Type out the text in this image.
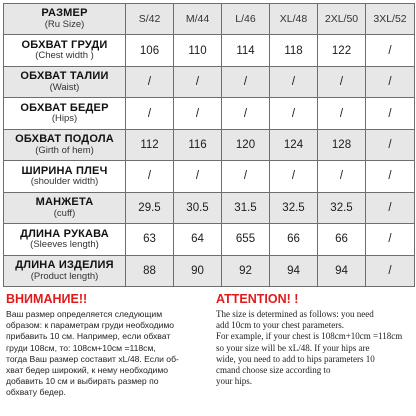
РАЗМЕР
(Ru Size)	S/42	M/44	L/46	XL/48	2XL/50	3XL/52

ОБХВАТ ГРУДИ
(Chest width )	106	110	114	118	122	/

ОБХВАТ ТАЛИИ
(Waist)	/	/	/	/	/	/

ОБХВАТ БЕДЕР
(Hips)	/	/	/	/	/	/

ОБХВАТ ПОДОЛА
(Girth of hem)	112	116	120	124	128	/

ШИРИНА ПЛЕЧ
(shoulder width)	/	/	/	/	/	/

МАНЖЕТА
(cuff)	29.5	30.5	31.5	32.5	32.5	/

ДЛИНА РУКАВА
(Sleeves length)	63	64	655	66	66	/

ДЛИНА ИЗДЕЛИЯ
(Product length)	88	90	92	94	94	/
ВНИМАНИЕ!!
Ваш размер определяется следующим
образом: к параметрам груди необходимо
прибавить 10 см. Например, если обхват
груди 108см, то: 108см+10см =118см,
тогда Ваш размер составит xL/48. Если об-
хват бедер широкий, к нему необходимо
добавить 10 см и выбирать размер по
обхвату бедер.
ATTENTION! !
The size is determined as follows: you need
add 10cm to your chest parameters.
For example, if your chest is 108cm+10cm =118cm
so your size will be xL/48. If your hips are
wide, you need to add to hips parameters 10
cmand choose size according to
your hips.
